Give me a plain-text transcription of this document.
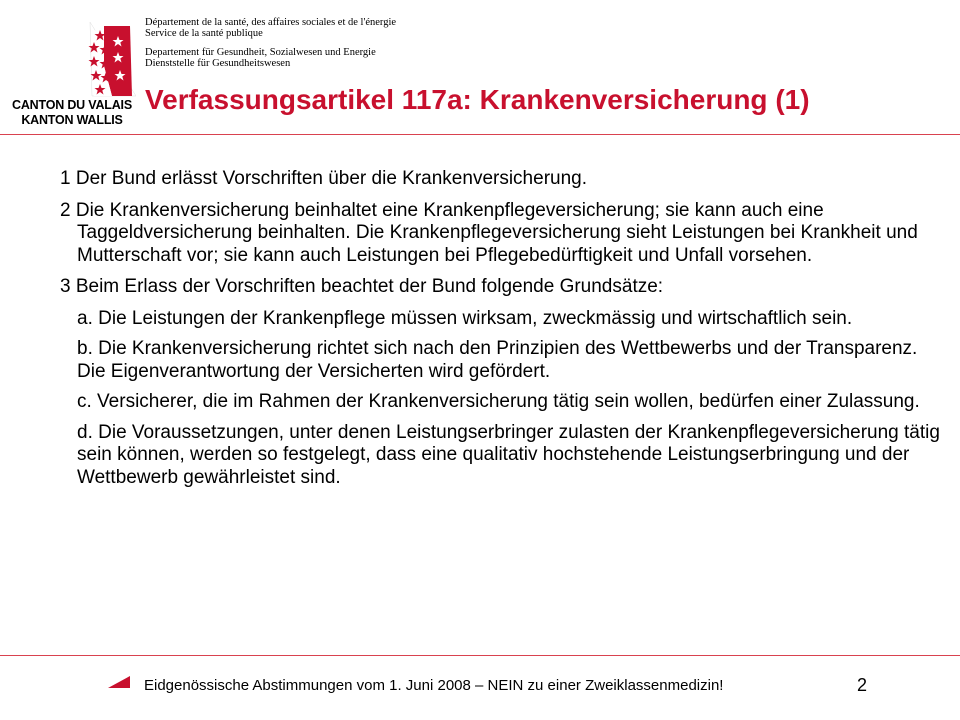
CANTON DU VALAIS
KANTON WALLIS
Département de la santé, des affaires sociales et de l'énergie
Service de la santé publique
Departement für Gesundheit, Sozialwesen und Energie
Dienststelle für Gesundheitswesen
Verfassungsartikel 117a: Krankenversicherung (1)

1 Der Bund erlässt Vorschriften über die Krankenversicherung.

2 Die Krankenversicherung beinhaltet eine Krankenpflegeversicherung; sie kann auch eine Taggeldversicherung beinhalten. Die Krankenpflegeversicherung sieht Leistungen bei Krankheit und Mutterschaft vor; sie kann auch Leistungen bei Pflegebedürftigkeit und Unfall vorsehen.

3 Beim Erlass der Vorschriften beachtet der Bund folgende Grundsätze:

a. Die Leistungen der Krankenpflege müssen wirksam, zweckmässig und wirtschaftlich sein.

b. Die Krankenversicherung richtet sich nach den Prinzipien des Wettbewerbs und der Transparenz. Die Eigenverantwortung der Versicherten wird gefördert.

c. Versicherer, die im Rahmen der Krankenversicherung tätig sein wollen, bedürfen einer Zulassung.

d. Die Voraussetzungen, unter denen Leistungserbringer zulasten der Krankenpflegeversicherung tätig sein können, werden so festgelegt, dass eine qualitativ hochstehende Leistungserbringung und der Wettbewerb gewährleistet sind.

Eidgenössische Abstimmungen vom 1. Juni 2008 – NEIN zu einer Zweiklassenmedizin!	2
